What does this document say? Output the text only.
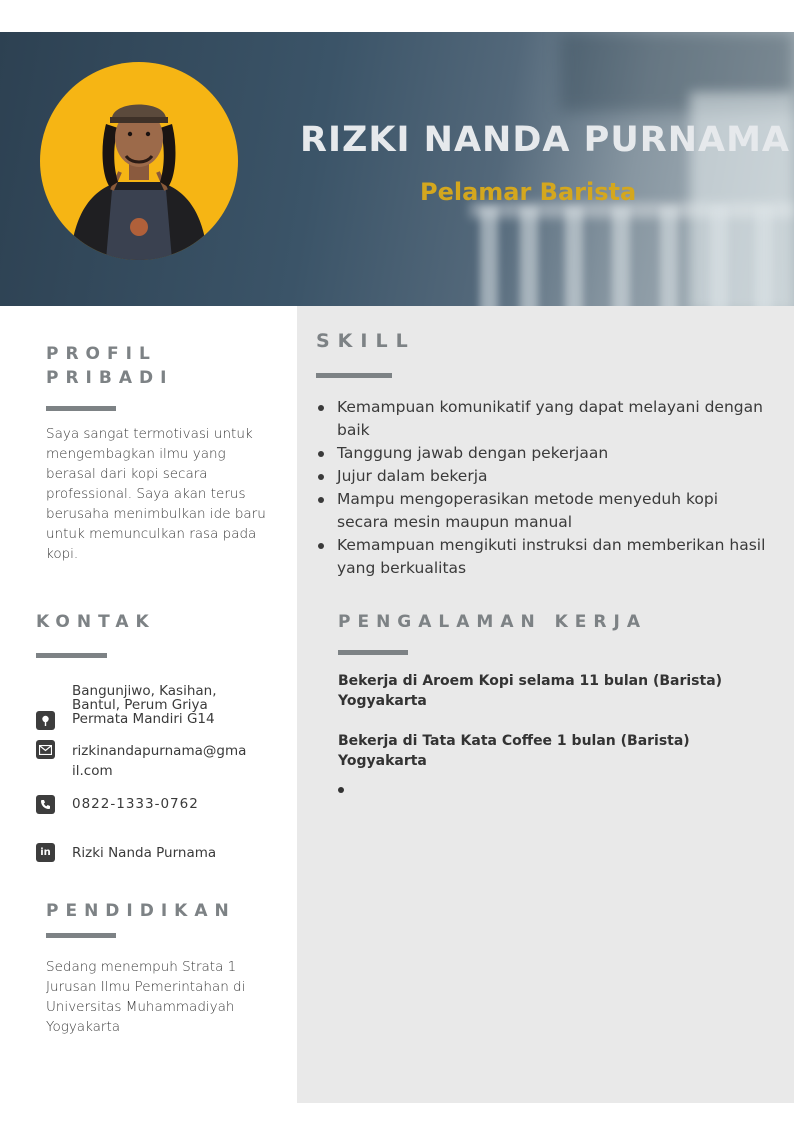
RIZKI NANDA PURNAMA
Pelamar Barista
PROFIL
PRIBADI
Saya sangat termotivasi untuk mengembagkan ilmu yang berasal dari kopi secara professional. Saya akan terus berusaha menimbulkan ide baru untuk memunculkan rasa pada kopi.
KONTAK
Bangunjiwo, Kasihan, Bantul, Perum Griya Permata Mandiri G14
rizkinandapurnama@gmail.com
0822-1333-0762
in	Rizki Nanda Purnama
PENDIDIKAN
Sedang menempuh Strata 1 Jurusan Ilmu Pemerintahan di Universitas Muhammadiyah Yogyakarta
SKILL
Kemampuan komunikatif yang dapat melayani dengan baik
Tanggung jawab dengan pekerjaan
Jujur dalam bekerja
Mampu mengoperasikan metode menyeduh kopi secara mesin maupun manual
Kemampuan mengikuti instruksi dan memberikan hasil yang berkualitas
PENGALAMAN KERJA
Bekerja di Aroem Kopi selama 11 bulan (Barista) Yogyakarta
Bekerja di Tata Kata Coffee 1 bulan (Barista) Yogyakarta
